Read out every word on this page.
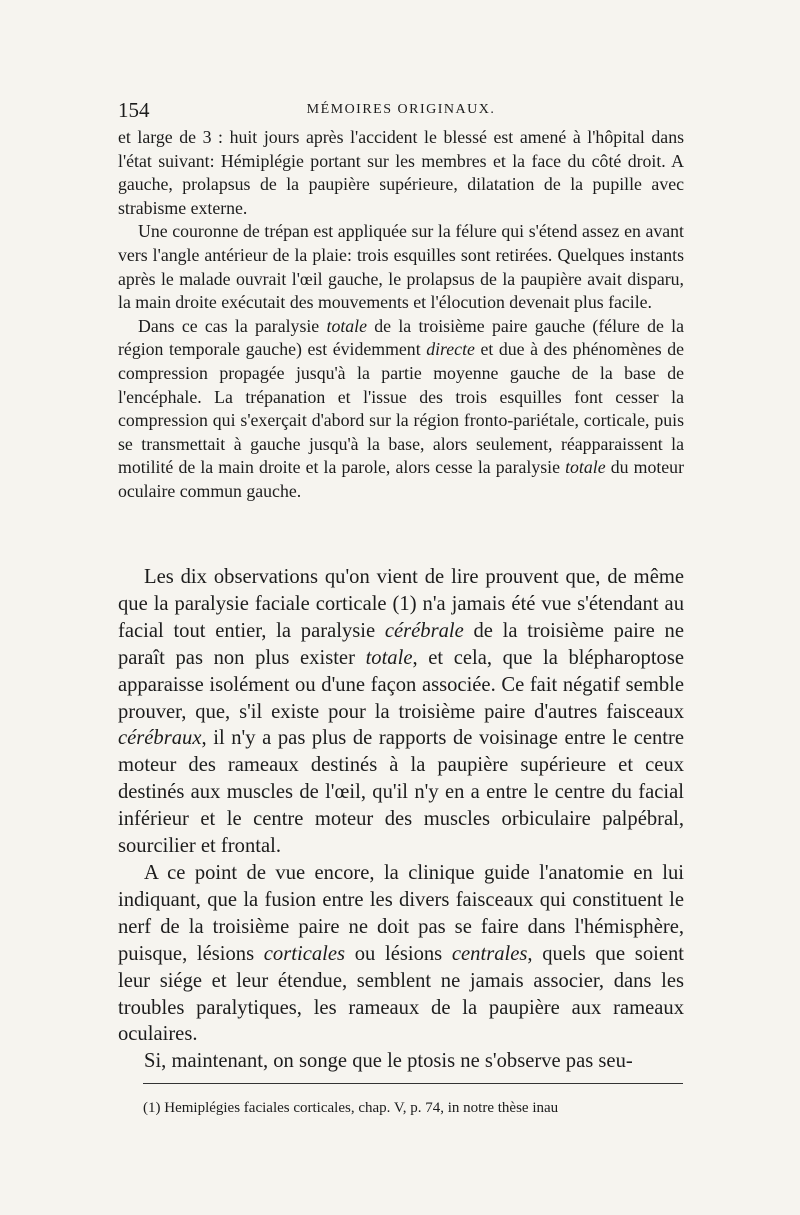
154	MÉMOIRES ORIGINAUX.

et large de 3 : huit jours après l'accident le blessé est amené à l'hôpital dans l'état suivant: Hémiplégie portant sur les membres et la face du côté droit. A gauche, prolapsus de la paupière supérieure, dilatation de la pupille avec strabisme externe.

Une couronne de trépan est appliquée sur la félure qui s'étend assez en avant vers l'angle antérieur de la plaie: trois esquilles sont retirées. Quelques instants après le malade ouvrait l'œil gauche, le prolapsus de la paupière avait disparu, la main droite exécutait des mouvements et l'élocution devenait plus facile.

Dans ce cas la paralysie totale de la troisième paire gauche (félure de la région temporale gauche) est évidemment directe et due à des phénomènes de compression propagée jusqu'à la partie moyenne gauche de la base de l'encéphale. La trépanation et l'issue des trois esquilles font cesser la compression qui s'exerçait d'abord sur la région fronto-pariétale, corticale, puis se transmettait à gauche jusqu'à la base, alors seulement, réapparaissent la motilité de la main droite et la parole, alors cesse la paralysie totale du moteur oculaire commun gauche.

Les dix observations qu'on vient de lire prouvent que, de même que la paralysie faciale corticale (1) n'a jamais été vue s'étendant au facial tout entier, la paralysie cérébrale de la troisième paire ne paraît pas non plus exister totale, et cela, que la blépharoptose apparaisse isolément ou d'une façon associée. Ce fait négatif semble prouver, que, s'il existe pour la troisième paire d'autres faisceaux cérébraux, il n'y a pas plus de rapports de voisinage entre le centre moteur des rameaux destinés à la paupière supérieure et ceux destinés aux muscles de l'œil, qu'il n'y en a entre le centre du facial inférieur et le centre moteur des muscles orbiculaire palpébral, sourcilier et frontal.

A ce point de vue encore, la clinique guide l'anatomie en lui indiquant, que la fusion entre les divers faisceaux qui constituent le nerf de la troisième paire ne doit pas se faire dans l'hémisphère, puisque, lésions corticales ou lésions centrales, quels que soient leur siége et leur étendue, semblent ne jamais associer, dans les troubles paralytiques, les rameaux de la paupière aux rameaux oculaires.

Si, maintenant, on songe que le ptosis ne s'observe pas seu-

(1) Hemiplégies faciales corticales, chap. V, p. 74, in notre thèse inau
